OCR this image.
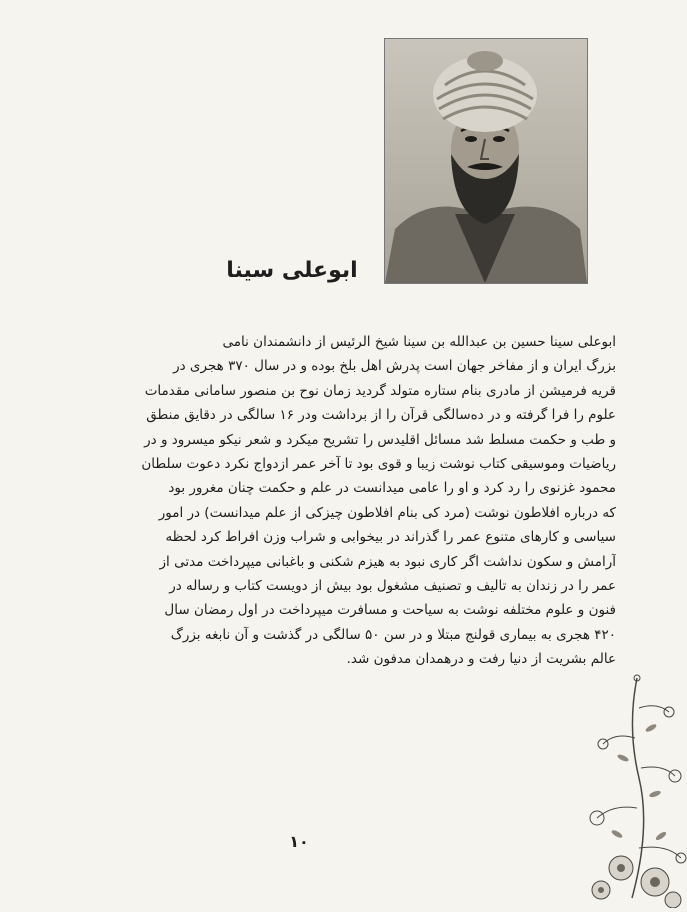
ابوعلی سینا
ابوعلی سینا حسین بن عبدالله بن سینا شیخ الرئیس از دانشمندان نامی
بزرگ ایران و از مفاخر جهان است پدرش اهل بلخ بوده و در سال ۳۷۰ هجری در
قریه فرمیشن از مادری بنام ستاره متولد گردید زمان نوح بن منصور سامانی مقدمات
علوم را فرا گرفته و در ده‌سالگی قرآن را از برداشت ودر ۱۶ سالگی در دقایق منطق
و طب و حکمت مسلط شد مسائل اقلیدس را تشریح میکرد و شعر نیکو میسرود و در
ریاضیات وموسیقی کتاب نوشت زیبا و قوی بود تا آخر عمر ازدواج نکرد دعوت سلطان
محمود غزنوی را رد کرد و او را عامی میدانست در علم و حکمت چنان مغرور بود
که درباره افلاطون نوشت (مرد کی بنام افلاطون چیزکی از علم میدانست) در امور
سیاسی و کارهای متنوع عمر را گذراند در بیخوابی و شراب وزن افراط کرد لحظه
آرامش و سکون نداشت اگر کاری نبود به هیزم شکنی و باغبانی میپرداخت مدتی از
عمر را در زندان به تالیف و تصنیف مشغول بود بیش از دویست کتاب و رساله در
فنون و علوم مختلفه نوشت به سیاحت و مسافرت میپرداخت در اول رمضان سال
۴۲۰ هجری به بیماری قولنج مبتلا و در سن ۵۰ سالگی در گذشت و آن نابغه بزرگ
عالم بشریت از دنیا رفت و درهمدان مدفون شد.
۱۰
